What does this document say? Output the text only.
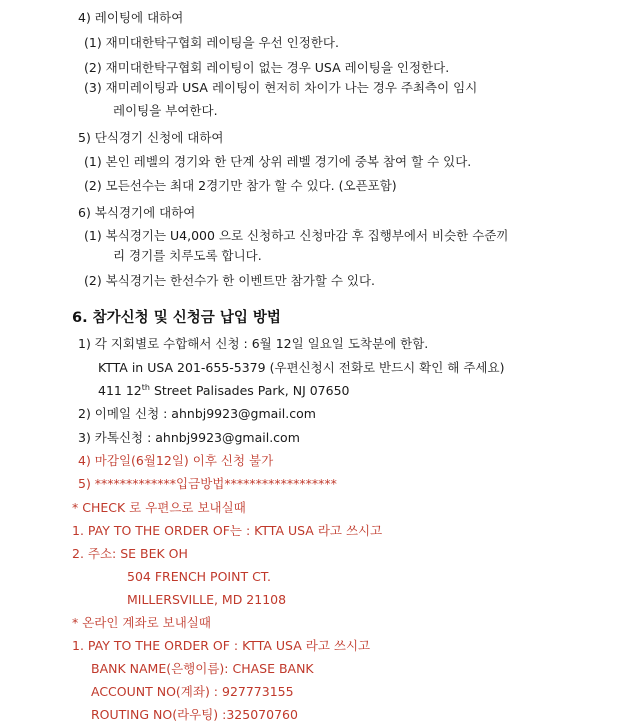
4) 레이팅에 대하여
(1) 재미대한탁구협회 레이팅을 우선 인정한다.
(2) 재미대한탁구협회 레이팅이 없는 경우 USA 레이팅을 인정한다.
(3) 재미레이팅과 USA 레이팅이 현저히 차이가 나는 경우 주최측이 임시
레이팅을 부여한다.
5) 단식경기 신청에 대하여
(1) 본인 레벨의 경기와 한 단계 상위 레벨 경기에 중복 참여 할 수 있다.
(2) 모든선수는 최대 2경기만 참가 할 수 있다. (오픈포함)
6) 복식경기에 대하여
(1) 복식경기는 U4,000 으로 신청하고 신청마감 후 집행부에서 비슷한 수준끼
리 경기를 치루도록 합니다.
(2) 복식경기는 한선수가 한 이벤트만 참가할 수 있다.
6. 참가신청 및 신청금 납입 방법
1) 각 지회별로 수합해서 신청 : 6월 12일 일요일 도착분에 한함.
KTTA in USA 201-655-5379 (우편신청시 전화로 반드시 확인 해 주세요)
411 12th Street Palisades Park, NJ 07650
2) 이메일 신청 : ahnbj9923@gmail.com
3) 카톡신청 : ahnbj9923@gmail.com
4) 마감일(6월12일) 이후 신청 불가
5) *************입금방법******************
* CHECK 로 우편으로 보내실때
1. PAY TO THE ORDER OF는 : KTTA USA 라고 쓰시고
2. 주소: SE BEK OH
504 FRENCH POINT CT.
MILLERSVILLE, MD 21108
* 온라인 계좌로 보내실때
1. PAY TO THE ORDER OF : KTTA USA 라고 쓰시고
BANK NAME(은행이름): CHASE BANK
ACCOUNT NO(계좌) : 927773155
ROUTING NO(라우팅) :325070760
